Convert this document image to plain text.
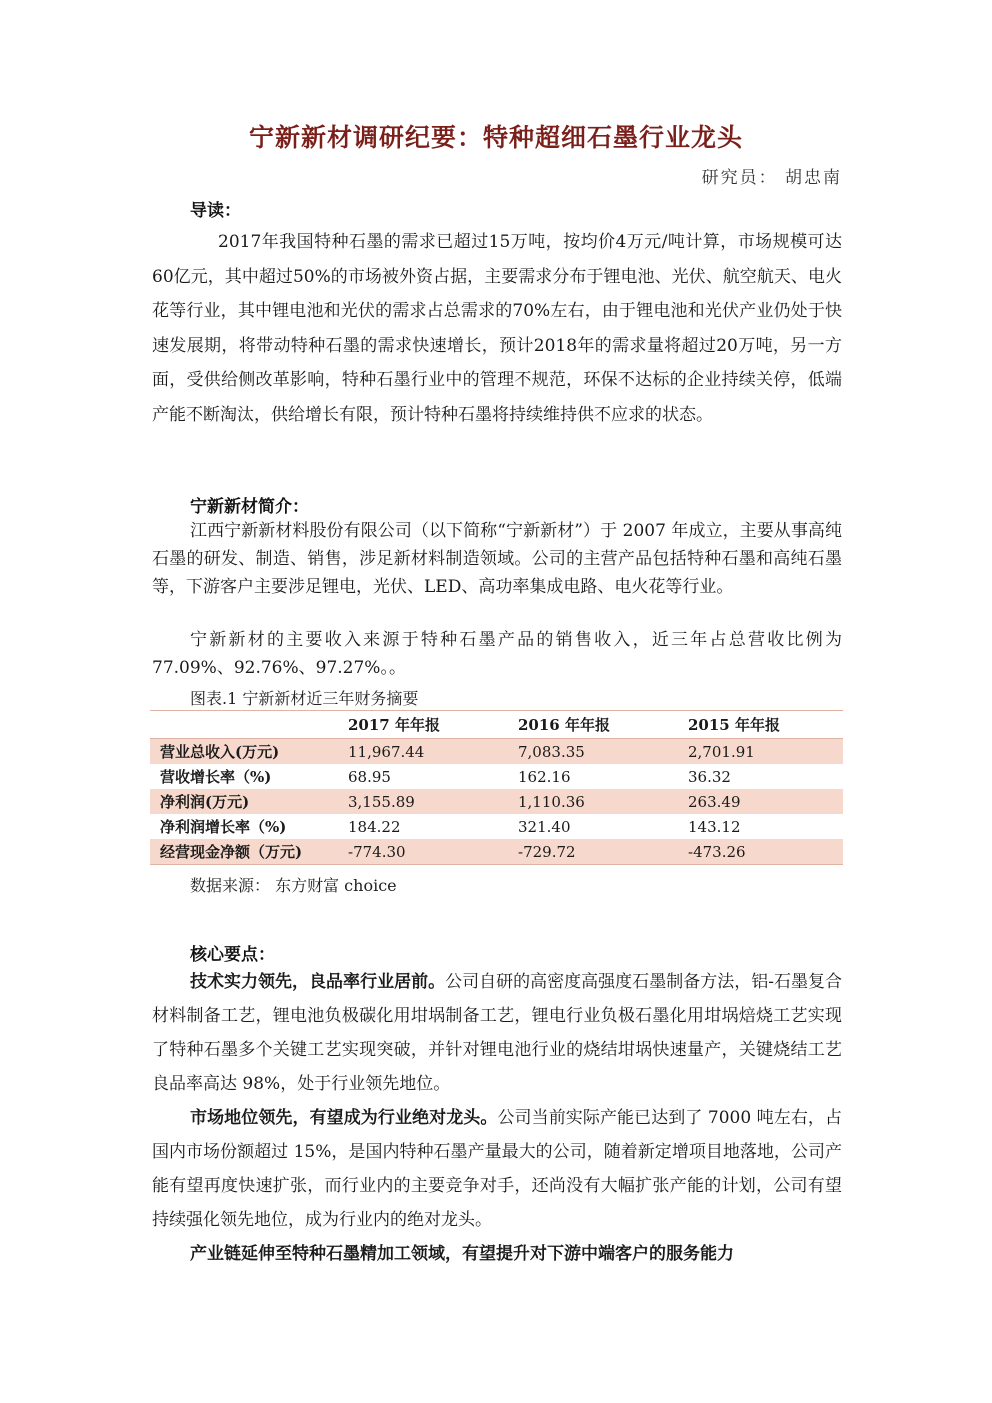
宁新新材调研纪要：特种超细石墨行业龙头
研究员： 胡忠南
导读：
2017年我国特种石墨的需求已超过15万吨，按均价4万元/吨计算，市场规模可达60亿元，其中超过50%的市场被外资占据，主要需求分布于锂电池、光伏、航空航天、电火花等行业，其中锂电池和光伏的需求占总需求的70%左右，由于锂电池和光伏产业仍处于快速发展期，将带动特种石墨的需求快速增长，预计2018年的需求量将超过20万吨，另一方面，受供给侧改革影响，特种石墨行业中的管理不规范，环保不达标的企业持续关停，低端产能不断淘汰，供给增长有限，预计特种石墨将持续维持供不应求的状态。
宁新新材简介：
江西宁新新材料股份有限公司（以下简称“宁新新材”）于 2007 年成立，主要从事高纯石墨的研发、制造、销售，涉足新材料制造领域。公司的主营产品包括特种石墨和高纯石墨等，下游客户主要涉足锂电，光伏、LED、高功率集成电路、电火花等行业。
宁新新材的主要收入来源于特种石墨产品的销售收入，近三年占总营收比例为 77.09%、92.76%、97.27%。。
图表.1 宁新新材近三年财务摘要
	2017 年年报	2016 年年报	2015 年年报
营业总收入(万元)	11,967.44	7,083.35	2,701.91
营收增长率（%)	68.95	162.16	36.32
净利润(万元)	3,155.89	1,110.36	263.49
净利润增长率（%)	184.22	321.40	143.12
经营现金净额（万元)	-774.30	-729.72	-473.26
数据来源： 东方财富 choice
核心要点：
技术实力领先，良品率行业居前。公司自研的高密度高强度石墨制备方法，铝-石墨复合材料制备工艺，锂电池负极碳化用坩埚制备工艺，锂电行业负极石墨化用坩埚焙烧工艺实现了特种石墨多个关键工艺实现突破，并针对锂电池行业的烧结坩埚快速量产，关键烧结工艺良品率高达 98%，处于行业领先地位。
市场地位领先，有望成为行业绝对龙头。公司当前实际产能已达到了 7000 吨左右，占国内市场份额超过 15%，是国内特种石墨产量最大的公司，随着新定增项目地落地，公司产能有望再度快速扩张，而行业内的主要竞争对手，还尚没有大幅扩张产能的计划，公司有望持续强化领先地位，成为行业内的绝对龙头。
产业链延伸至特种石墨精加工领域，有望提升对下游中端客户的服务能力
